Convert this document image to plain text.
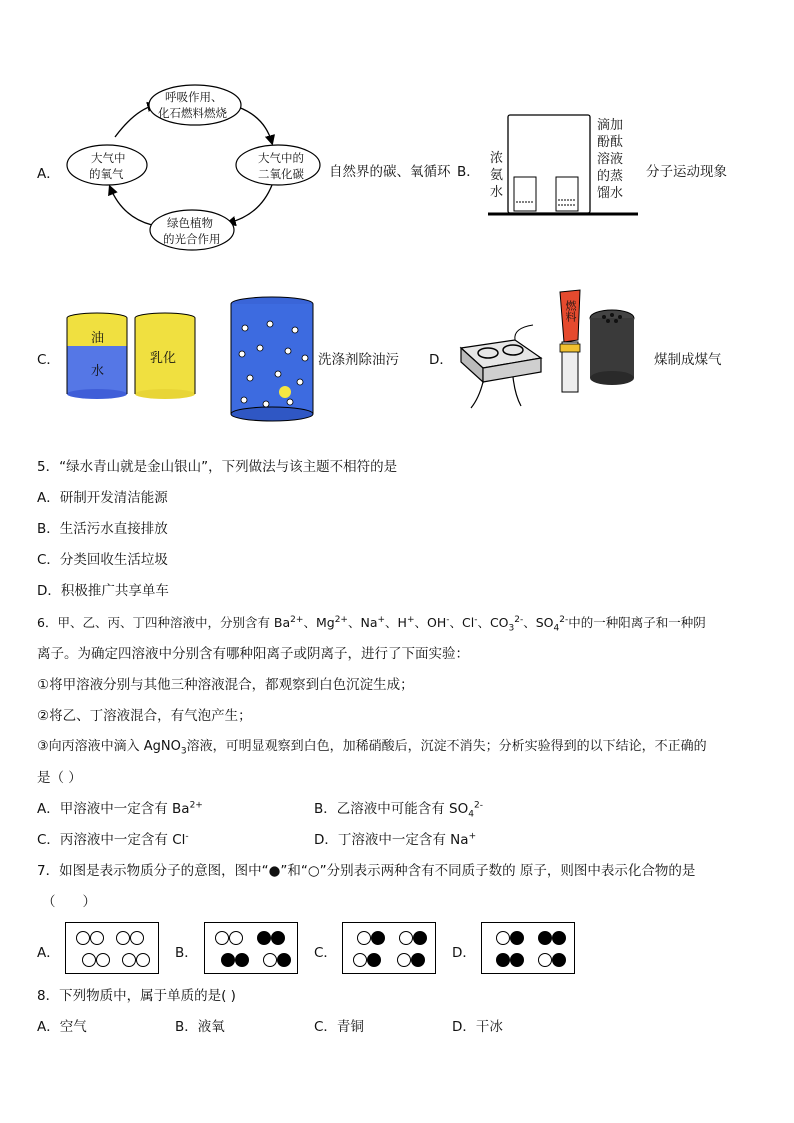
A．
呼吸作用、
化石燃料燃烧
大气中的
二氧化碳
绿色植物
的光合作用
大气中
的氧气	自然界的碳、氧循环 B．
浓
氨
水
滴加
酚酞
溶液
的蒸
馏水
分子运动现象
C．
油
水
乳化	洗涤剂除油污 D．
燃料
煤制成煤气
5．“绿水青山就是金山银山”，下列做法与该主题不相符的是
A．研制开发清洁能源
B．生活污水直接排放
C．分类回收生活垃圾
D．积极推广共享单车
6．甲、乙、丙、丁四种溶液中，分别含有 $Ba^{2+}$、$Mg^{2+}$、Na+、H+、OH-、Cl-、$CO_3^{2-}$、$SO_4^{2-}$中的一种阳离子和一种阴
离子。为确定四溶液中分别含有哪种阳离子或阴离子，进行了下面实验：
①将甲溶液分别与其他三种溶液混合，都观察到白色沉淀生成；
②将乙、丁溶液混合，有气泡产生；
③向丙溶液中滴入 AgNO$_3$溶液，可明显观察到白色，加稀硝酸后，沉淀不消失；分析实验得到的以下结论，不正确的
是（ ）
A．甲溶液中一定含有 $Ba^{2+}$	B．乙溶液中可能含有 $SO_4^{2-}$
C．丙溶液中一定含有 Cl-	D．丁溶液中一定含有 Na+
7．如图是表示物质分子的意图，图中“●”和“○”分别表示两种含有不同质子数的 原子，则图中表示化合物的是
（　　）
A．	B．	C．	D．
8．下列物质中，属于单质的是( )
A．空气	B．液氧	C．青铜	D．干冰
